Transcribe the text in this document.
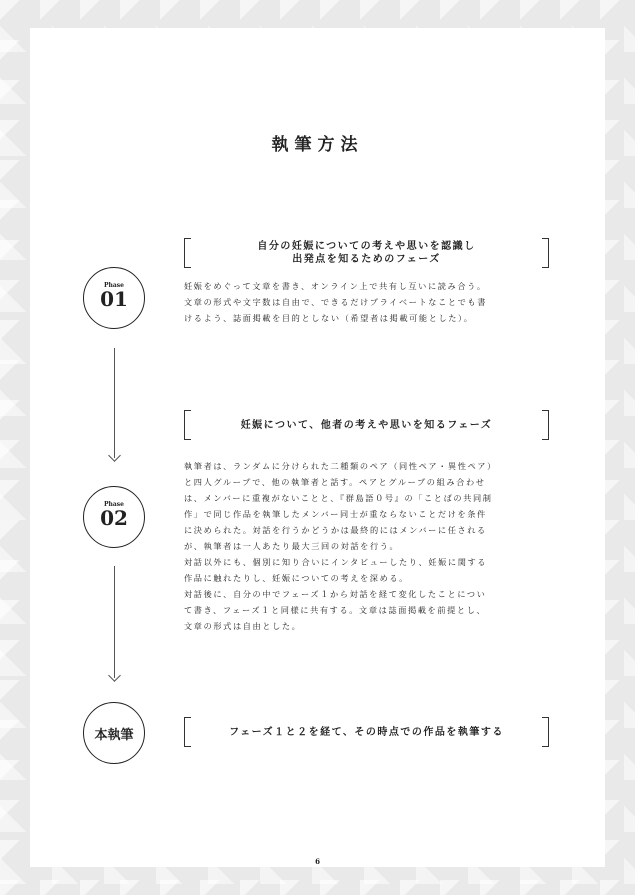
執筆方法
Phase
01
自分の妊娠についての考えや思いを認識し
出発点を知るためのフェーズ

妊娠をめぐって文章を書き、オンライン上で共有し互いに読み合う。

文章の形式や文字数は自由で、できるだけプライベートなことでも書

けるよう、誌面掲載を目的としない（希望者は掲載可能とした）。

妊娠について、他者の考えや思いを知るフェーズ
Phase
02

執筆者は、ランダムに分けられた二種類のペア（同性ペア・異性ペア）

と四人グループで、他の執筆者と話す。ペアとグループの組み合わせ

は、メンバーに重複がないことと、『群島語０号』の「ことばの共同制

作」で同じ作品を執筆したメンバー同士が重ならないことだけを条件

に決められた。対話を行うかどうかは最終的にはメンバーに任される

が、執筆者は一人あたり最大三回の対話を行う。

対話以外にも、個別に知り合いにインタビューしたり、妊娠に関する

作品に触れたりし、妊娠についての考えを深める。

対話後に、自分の中でフェーズ１から対話を経て変化したことについ

て書き、フェーズ１と同様に共有する。文章は誌面掲載を前提とし、

文章の形式は自由とした。

本執筆	フェーズ１と２を経て、その時点での作品を執筆する
6
